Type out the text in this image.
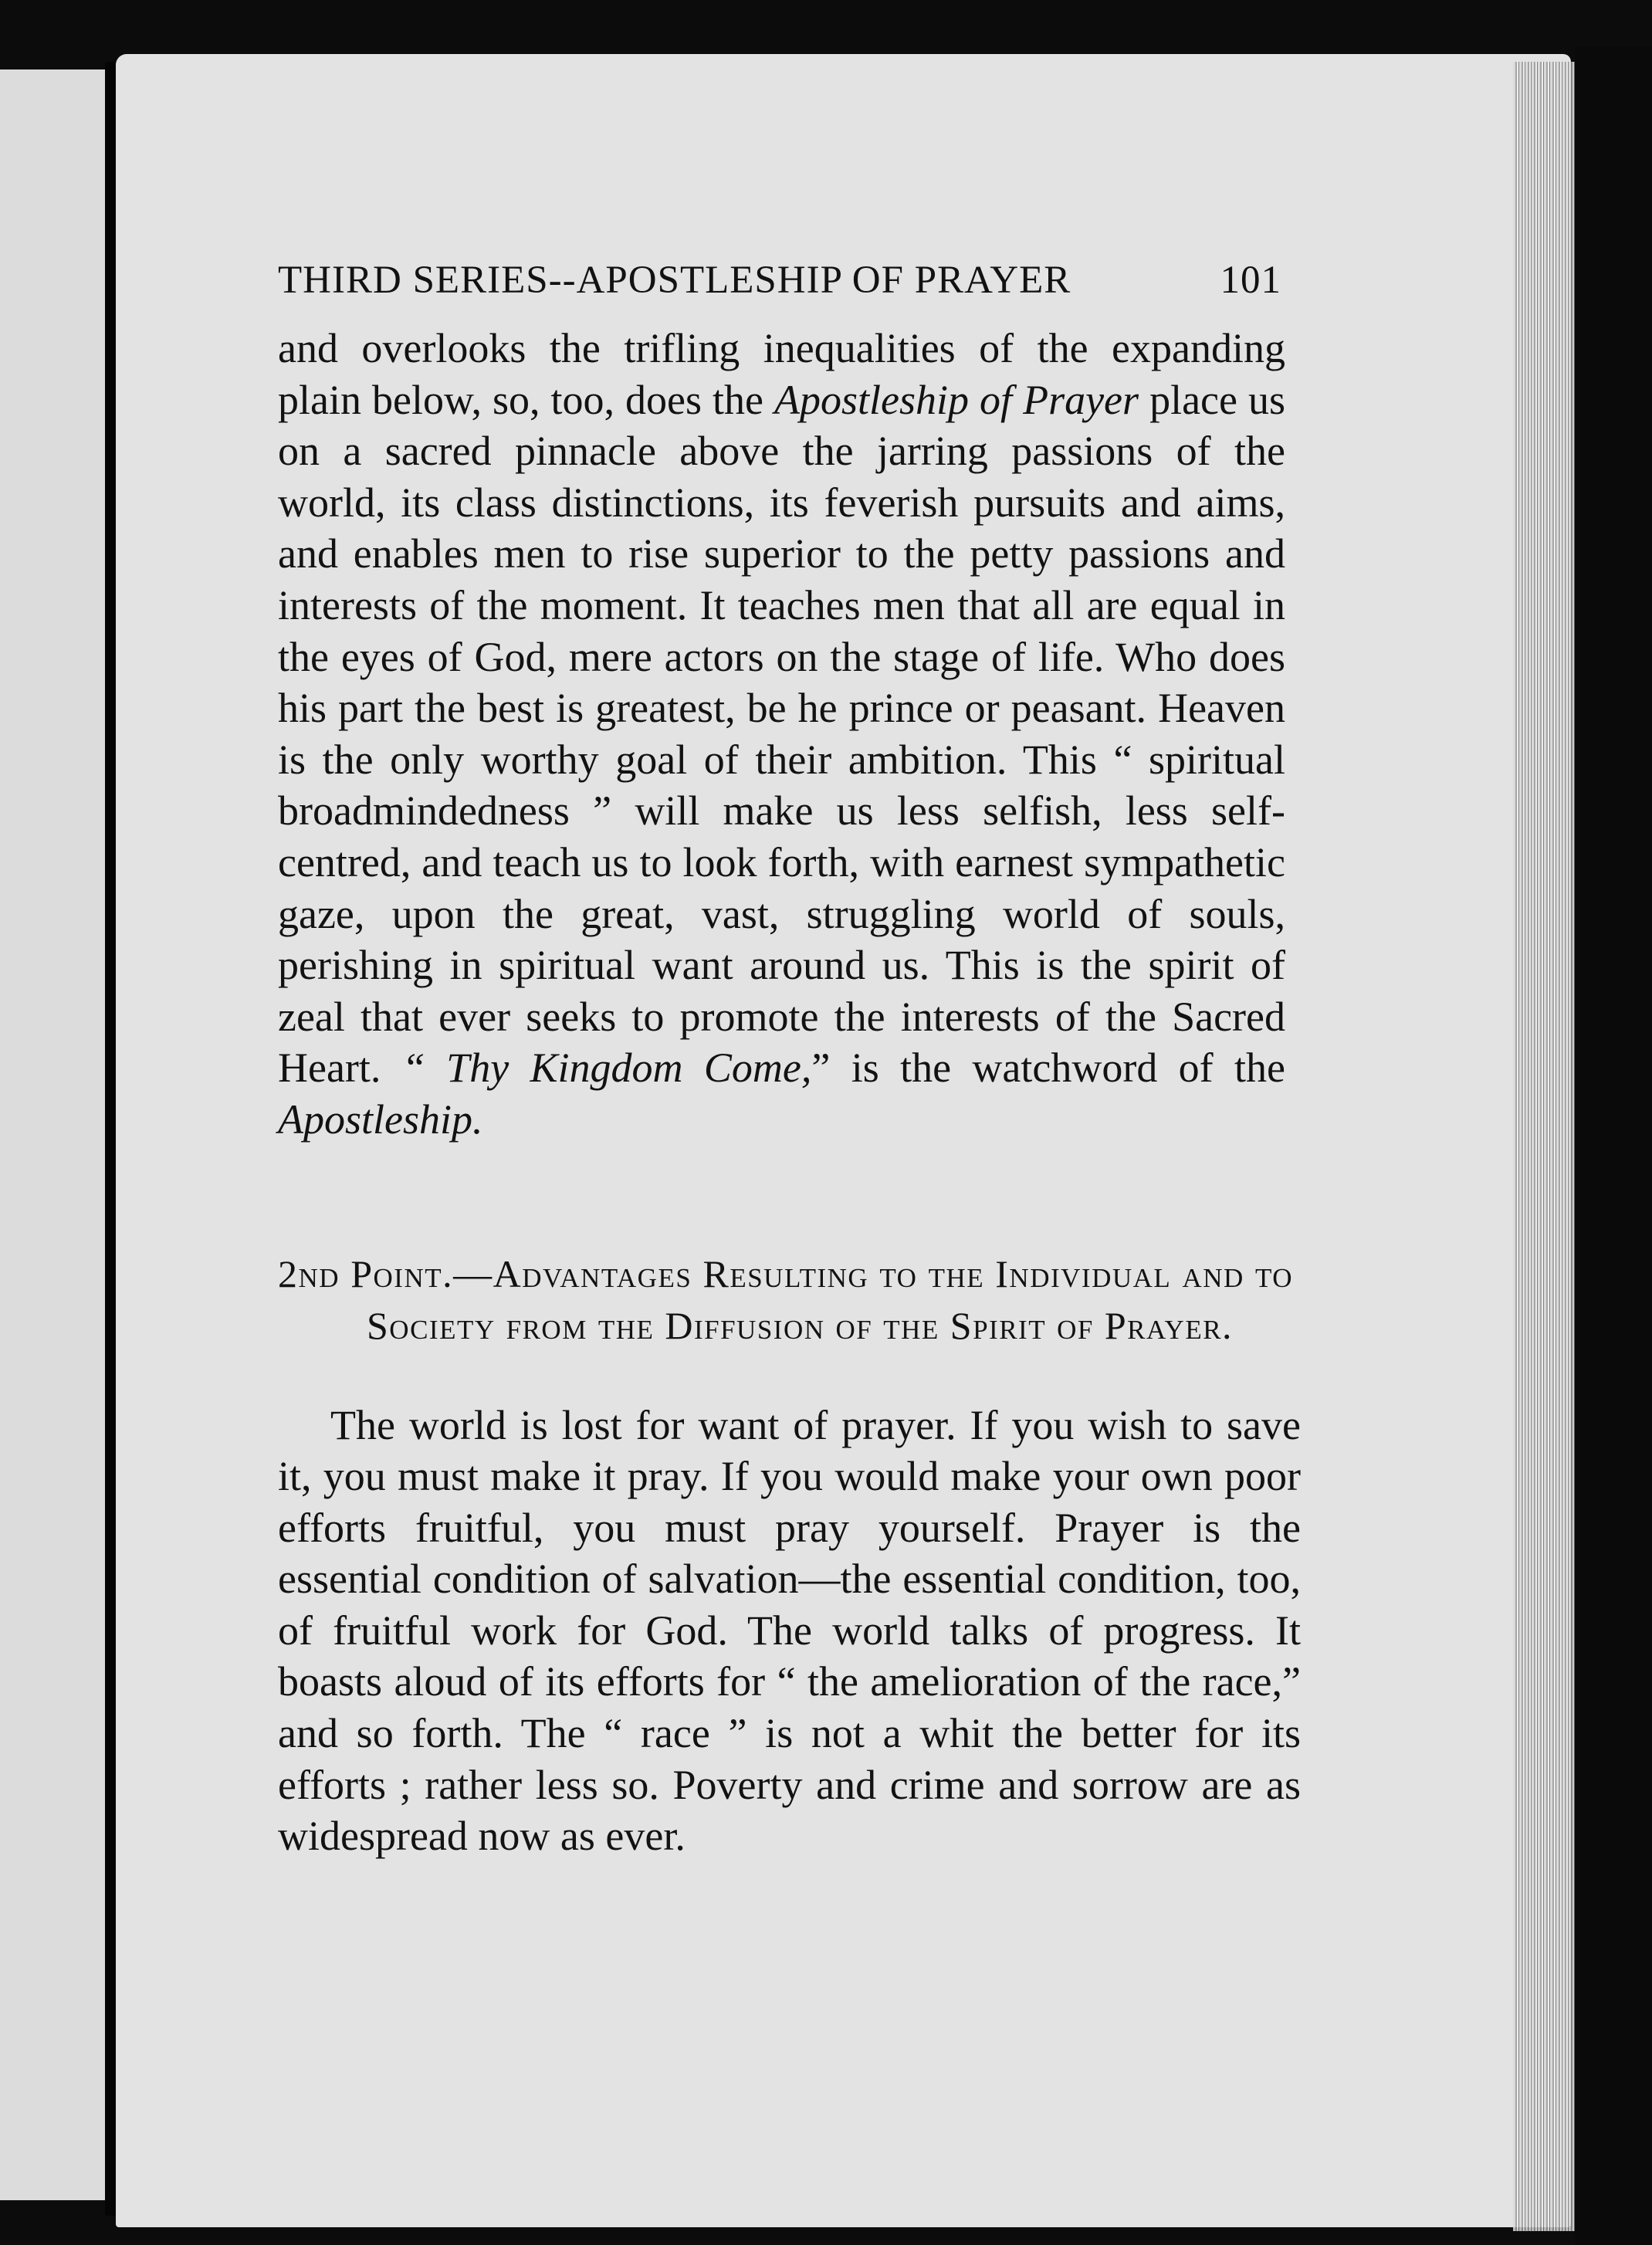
THIRD SERIES--APOSTLESHIP OF PRAYER	101

and overlooks the trifling inequalities of the expanding plain below, so, too, does the Apostleship of Prayer place us on a sacred pinnacle above the jarring passions of the world, its class distinctions, its feverish pursuits and aims, and enables men to rise superior to the petty passions and interests of the moment. It teaches men that all are equal in the eyes of God, mere actors on the stage of life. Who does his part the best is greatest, be he prince or peasant. Heaven is the only worthy goal of their ambition. This “ spiritual broadmindedness ” will make us less selfish, less self-centred, and teach us to look forth, with earnest sympathetic gaze, upon the great, vast, struggling world of souls, perishing in spiritual want around us. This is the spirit of zeal that ever seeks to promote the interests of the Sacred Heart. “ Thy Kingdom Come,” is the watchword of the Apostleship.

2nd Point.—Advantages Resulting to the Individual and to Society from the Diffusion of the Spirit of Prayer.

The world is lost for want of prayer. If you wish to save it, you must make it pray. If you would make your own poor efforts fruitful, you must pray yourself. Prayer is the essential condition of salvation—the essential condition, too, of fruitful work for God. The world talks of progress. It boasts aloud of its efforts for “ the amelioration of the race,” and so forth. The “ race ” is not a whit the better for its efforts ; rather less so. Poverty and crime and sorrow are as widespread now as ever.
